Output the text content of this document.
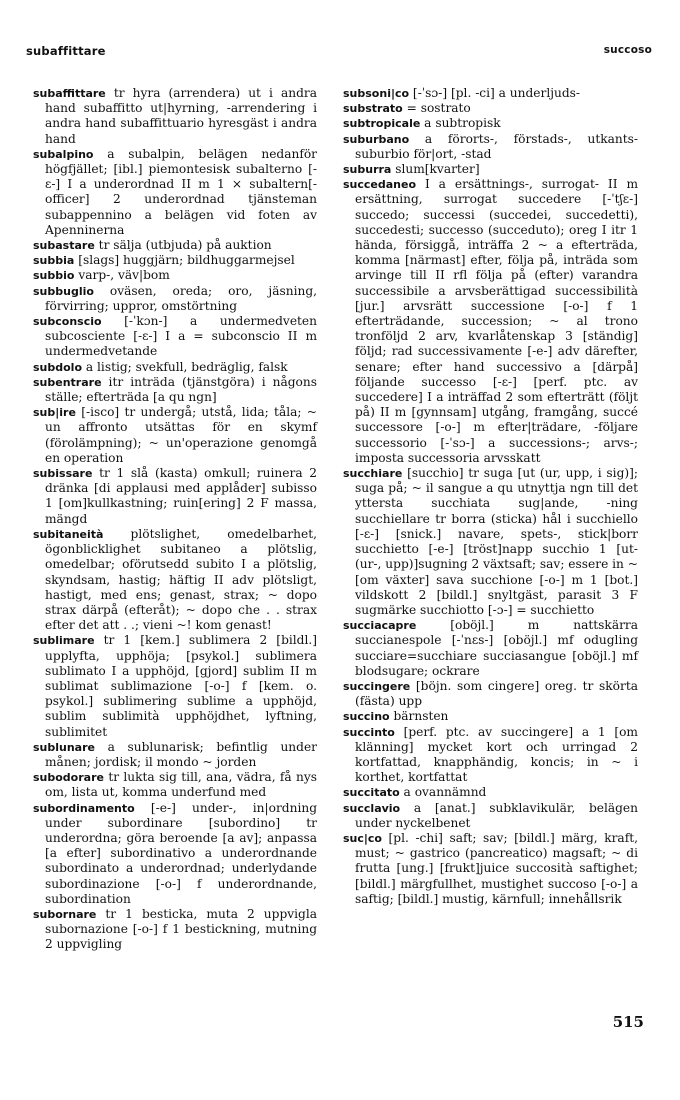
subaffittare	succoso

subaffittare tr hyra (arrendera) ut i andra hand subaffitto ut|hyrning, -arrendering i andra hand subaffittuario hyresgäst i andra hand

subalpino a subalpin, belägen nedanför högfjället; [ibl.] piemontesisk subalterno [-ε-] I a underordnad II m 1 ⨯ subaltern[-officer] 2 underordnad tjänsteman subappennino a belägen vid foten av Apenninerna

subastare tr sälja (utbjuda) på auktion

subbia [slags] huggjärn; bildhuggarmejsel

subbio varp-, väv|bom

subbuglio oväsen, oreda; oro, jäsning, förvirring; uppror, omstörtning

subconscio [-ˈkɔn-] a undermedveten subcosciente [-ε-] I a = subconscio II m undermedvetande

subdolo a listig; svekfull, bedräglig, falsk

subentrare itr inträda (tjänstgöra) i någons ställe; efterträda [a qu ngn]

sub|ire [-isco] tr undergå; utstå, lida; tåla; ~ un affronto utsättas för en skymf (förolämpning); ~ un'operazione genomgå en operation

subissare tr 1 slå (kasta) omkull; ruinera 2 dränka [di applausi med applåder] subisso 1 [om]kullkastning; ruin[ering] 2 F massa, mängd

subitaneità plötslighet, omedelbarhet, ögonblicklighet subitaneo a plötslig, omedelbar; oförutsedd subito I a plötslig, skyndsam, hastig; häftig II adv plötsligt, hastigt, med ens; genast, strax; ~ dopo strax därpå (efteråt); ~ dopo che . . strax efter det att . .; vieni ~! kom genast!

sublimare tr 1 [kem.] sublimera 2 [bildl.] upplyfta, upphöja; [psykol.] sublimera sublimato I a upphöjd, [gjord] sublim II m sublimat sublimazione [-o-] f [kem. o. psykol.] sublimering sublime a upphöjd, sublim sublimità upphöjdhet, lyftning, sublimitet

sublunare a sublunarisk; befintlig under månen; jordisk; il mondo ~ jorden

subodorare tr lukta sig till, ana, vädra, få nys om, lista ut, komma underfund med

subordinamento [-e-] under-, in|ordning under subordinare [subordino] tr underordna; göra beroende [a av]; anpassa [a efter] subordinativo a underordnande subordinato a underordnad; underlydande subordinazione [-o-] f underordnande, subordination

subornare tr 1 besticka, muta 2 uppvigla subornazione [-o-] f 1 bestickning, mutning 2 uppvigling

subsoni|co [-ˈsɔ-] [pl. -ci] a underljuds-

substrato = sostrato

subtropicale a subtropisk

suburbano a förorts-, förstads-, utkants- suburbio för|ort, -stad

suburra slum[kvarter]

succedaneo I a ersättnings-, surrogat- II m ersättning, surrogat succedere [-ˈtʃε-] succedo; successi (succedei, succedetti), succedesti; successo (succeduto); oreg I itr 1 hända, försiggå, inträffa 2 ~ a efterträda, komma [närmast] efter, följa på, inträda som arvinge till II rfl följa på (efter) varandra successibile a arvsberättigad successibilità [jur.] arvsrätt successione [-o-] f 1 efterträdande, succession; ~ al trono tronföljd 2 arv, kvarlåtenskap 3 [ständig] följd; rad successivamente [-e-] adv därefter, senare; efter hand successivo a [därpå] följande successo [-ε-] [perf. ptc. av succedere] I a inträffad 2 som efterträtt (följt på) II m [gynnsam] utgång, framgång, succé successore [-o-] m efter|trädare, -följare successorio [-ˈsɔ-] a successions-; arvs-; imposta successoria arvsskatt

succhiare [succhio] tr suga [ut (ur, upp, i sig)]; suga på; ~ il sangue a qu utnyttja ngn till det yttersta succhiata sug|ande, -ning succhiellare tr borra (sticka) hål i succhiello [-ε-] [snick.] navare, spets-, stick|borr succhietto [-e-] [tröst]napp succhio 1 [ut- (ur-, upp)]sugning 2 växtsaft; sav; essere in ~ [om växter] sava succhione [-o-] m 1 [bot.] vildskott 2 [bildl.] snyltgäst, parasit 3 F sugmärke succhiotto [-ɔ-] = succhietto

succiacapre [oböjl.] m nattskärra succianespole [-ˈnεs-] [oböjl.] mf odugling succiare=succhiare succiasangue [oböjl.] mf blodsugare; ockrare

succingere [böjn. som cingere] oreg. tr skörta (fästa) upp

succino bärnsten

succinto [perf. ptc. av succingere] a 1 [om klänning] mycket kort och urringad 2 kortfattad, knapphändig, koncis; in ~ i korthet, kortfattat

succitato a ovannämnd

succlavio a [anat.] subklavikulär, belägen under nyckelbenet

suc|co [pl. -chi] saft; sav; [bildl.] märg, kraft, must; ~ gastrico (pancreatico) magsaft; ~ di frutta [ung.] [frukt]juice succosità saftighet; [bildl.] märgfullhet, mustighet succoso [-o-] a saftig; [bildl.] mustig, kärnfull; innehållsrik

515
